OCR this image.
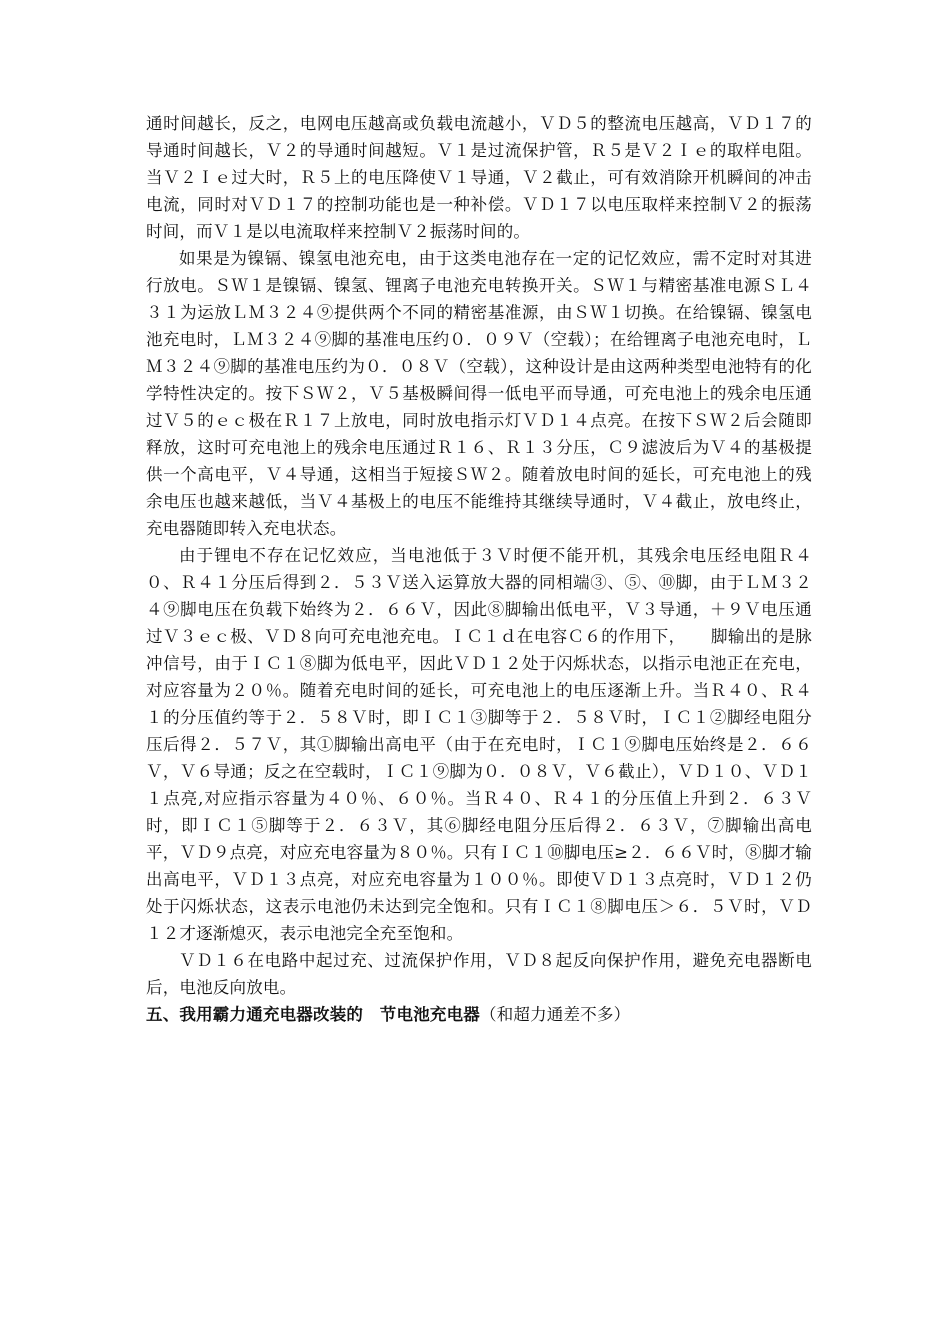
通时间越长，反之，电网电压越高或负载电流越小，ＶＤ５的整流电压越高，ＶＤ１７的导通时间越长，Ｖ２的导通时间越短。Ｖ１是过流保护管，Ｒ５是Ｖ２Ｉｅ的取样电阻。当Ｖ２Ｉｅ过大时，Ｒ５上的电压降使Ｖ１导通，Ｖ２截止，可有效消除开机瞬间的冲击电流，同时对ＶＤ１７的控制功能也是一种补偿。ＶＤ１７以电压取样来控制Ｖ２的振荡时间，而Ｖ１是以电流取样来控制Ｖ２振荡时间的。

如果是为镍镉、镍氢电池充电，由于这类电池存在一定的记忆效应，需不定时对其进行放电。ＳＷ１是镍镉、镍氢、锂离子电池充电转换开关。ＳＷ１与精密基准电源ＳＬ４３１为运放ＬＭ３２４⑨提供两个不同的精密基准源，由ＳＷ１切换。在给镍镉、镍氢电池充电时，ＬＭ３２４⑨脚的基准电压约０．０９Ｖ（空载）；在给锂离子电池充电时，ＬＭ３２４⑨脚的基准电压约为０．０８Ｖ（空载），这种设计是由这两种类型电池特有的化学特性决定的。按下ＳＷ２，Ｖ５基极瞬间得一低电平而导通，可充电池上的残余电压通过Ｖ５的ｅｃ极在Ｒ１７上放电，同时放电指示灯ＶＤ１４点亮。在按下ＳＷ２后会随即释放，这时可充电池上的残余电压通过Ｒ１６、Ｒ１３分压，Ｃ９滤波后为Ｖ４的基极提供一个高电平，Ｖ４导通，这相当于短接ＳＷ２。随着放电时间的延长，可充电池上的残余电压也越来越低，当Ｖ４基极上的电压不能维持其继续导通时，Ｖ４截止，放电终止，充电器随即转入充电状态。

由于锂电不存在记忆效应，当电池低于３Ｖ时便不能开机，其残余电压经电阻Ｒ４０、Ｒ４１分压后得到２．５３Ｖ送入运算放大器的同相端③、⑤、⑩脚，由于ＬＭ３２４⑨脚电压在负载下始终为２．６６Ｖ，因此⑧脚输出低电平，Ｖ３导通，＋９Ｖ电压通过Ｖ３ｅｃ极、ＶＤ８向可充电池充电。ＩＣ１ｄ在电容Ｃ６的作用下，　　脚输出的是脉冲信号，由于ＩＣ１⑧脚为低电平，因此ＶＤ１２处于闪烁状态，以指示电池正在充电，对应容量为２０％。随着充电时间的延长，可充电池上的电压逐渐上升。当Ｒ４０、Ｒ４１的分压值约等于２．５８Ｖ时，即ＩＣ１③脚等于２．５８Ｖ时，ＩＣ１②脚经电阻分压后得２．５７Ｖ，其①脚输出高电平（由于在充电时，ＩＣ１⑨脚电压始终是２．６６Ｖ，Ｖ６导通；反之在空载时，ＩＣ１⑨脚为０．０８Ｖ，Ｖ６截止），ＶＤ１０、ＶＤ１１点亮,对应指示容量为４０％、６０％。当Ｒ４０、Ｒ４１的分压值上升到２．６３Ｖ时，即ＩＣ１⑤脚等于２．６３Ｖ，其⑥脚经电阻分压后得２．６３Ｖ，⑦脚输出高电平，ＶＤ９点亮，对应充电容量为８０％。只有ＩＣ１⑩脚电压≥２．６６Ｖ时，⑧脚才输出高电平，ＶＤ１３点亮，对应充电容量为１００％。即使ＶＤ１３点亮时，ＶＤ１２仍处于闪烁状态，这表示电池仍未达到完全饱和。只有ＩＣ１⑧脚电压＞６．５Ｖ时，ＶＤ１２才逐渐熄灭，表示电池完全充至饱和。

ＶＤ１６在电路中起过充、过流保护作用，ＶＤ８起反向保护作用，避免充电器断电后，电池反向放电。

五、我用霸力通充电器改装的　节电池充电器（和超力通差不多）
